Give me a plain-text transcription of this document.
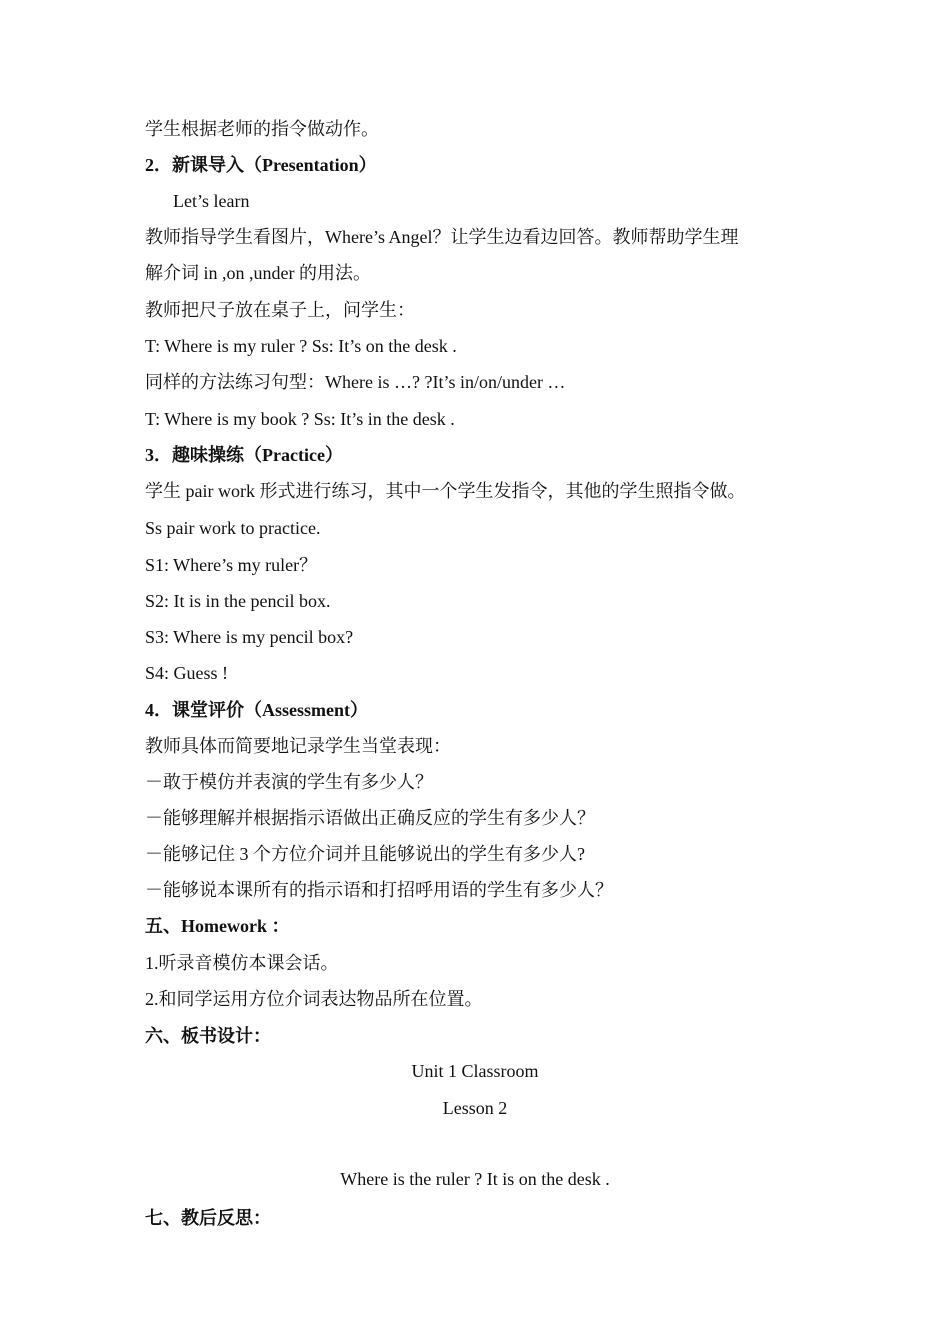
学生根据老师的指令做动作。
2．新课导入（Presentation）
Let’s learn
教师指导学生看图片，Where’s Angel？让学生边看边回答。教师帮助学生理
解介词 in ,on ,under 的用法。
教师把尺子放在桌子上，问学生：
T: Where is my ruler ? Ss: It’s on the desk .
同样的方法练习句型：Where is …? ?It’s in/on/under …
T: Where is my book ? Ss: It’s in the desk .
3．趣味操练（Practice）
学生 pair work 形式进行练习，其中一个学生发指令，其他的学生照指令做。
Ss pair work to practice.
S1: Where’s my ruler？
S2: It is in the pencil box.
S3: Where is my pencil box?
S4: Guess !
4．课堂评价（Assessment）
教师具体而简要地记录学生当堂表现：
－敢于模仿并表演的学生有多少人？
－能够理解并根据指示语做出正确反应的学生有多少人？
－能够记住 3 个方位介词并且能够说出的学生有多少人?
－能够说本课所有的指示语和打招呼用语的学生有多少人？
五、Homework ：
1.听录音模仿本课会话。
2.和同学运用方位介词表达物品所在位置。
六、板书设计：
Unit 1 Classroom
Lesson 2
Where is the ruler ? It is on the desk .
七、教后反思：
